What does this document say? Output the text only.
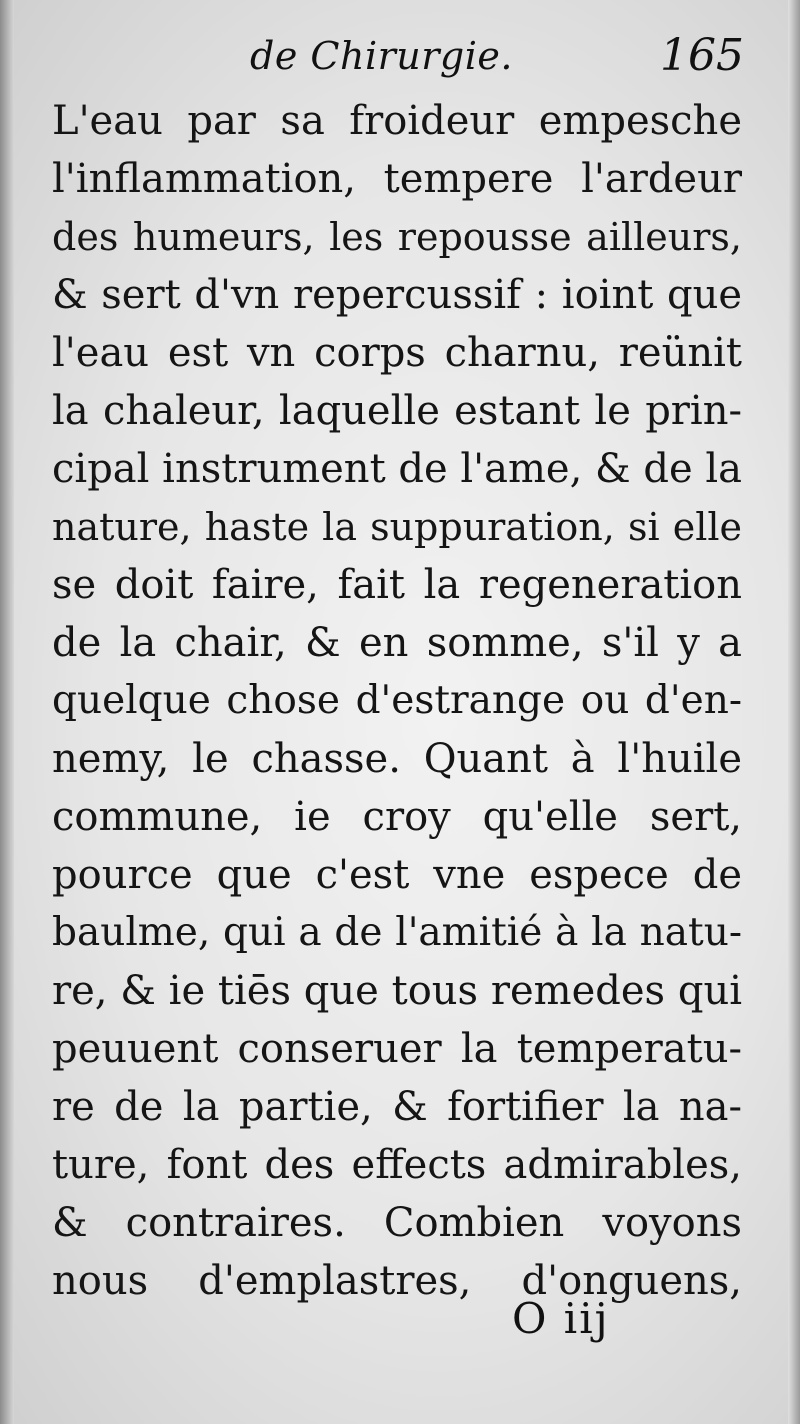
de Chirurgie.	165
L'eau par sa froideur empesche
l'inflammation, tempere l'ardeur
des humeurs, les repousse ailleurs,
& sert d'vn repercussif : ioint que
l'eau est vn corps charnu, reünit
la chaleur, laquelle estant le prin-
cipal instrument de l'ame, & de la
nature, haste la suppuration, si elle
se doit faire, fait la regeneration
de la chair, & en somme, s'il y a
quelque chose d'estrange ou d'en-
nemy, le chasse. Quant à l'huile
commune, ie croy qu'elle sert,
pource que c'est vne espece de
baulme, qui a de l'amitié à la natu-
re, & ie tiēs que tous remedes qui
peuuent conseruer la temperatu-
re de la partie, & fortifier la na-
ture, font des effects admirables,
& contraires. Combien voyons
nous d'emplastres, d'onguens,
O iij
